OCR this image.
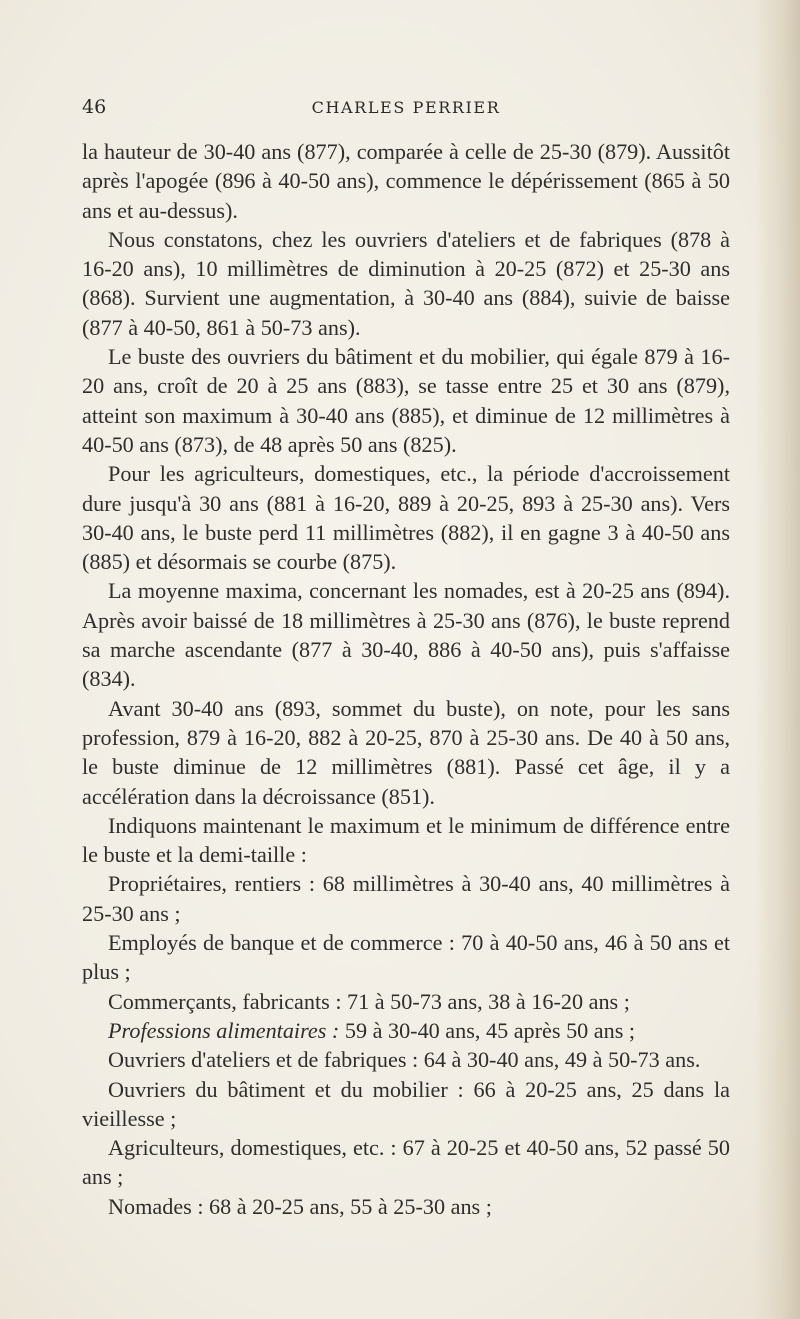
46	CHARLES PERRIER

la hauteur de 30-40 ans (877), comparée à celle de 25-30 (879). Aussitôt après l'apogée (896 à 40-50 ans), commence le dépérissement (865 à 50 ans et au-dessus).

Nous constatons, chez les ouvriers d'ateliers et de fabriques (878 à 16-20 ans), 10 millimètres de diminution à 20-25 (872) et 25-30 ans (868). Survient une augmentation, à 30-40 ans (884), suivie de baisse (877 à 40-50, 861 à 50-73 ans).

Le buste des ouvriers du bâtiment et du mobilier, qui égale 879 à 16-20 ans, croît de 20 à 25 ans (883), se tasse entre 25 et 30 ans (879), atteint son maximum à 30-40 ans (885), et diminue de 12 millimètres à 40-50 ans (873), de 48 après 50 ans (825).

Pour les agriculteurs, domestiques, etc., la période d'accroissement dure jusqu'à 30 ans (881 à 16-20, 889 à 20-25, 893 à 25-30 ans). Vers 30-40 ans, le buste perd 11 millimètres (882), il en gagne 3 à 40-50 ans (885) et désormais se courbe (875).

La moyenne maxima, concernant les nomades, est à 20-25 ans (894). Après avoir baissé de 18 millimètres à 25-30 ans (876), le buste reprend sa marche ascendante (877 à 30-40, 886 à 40-50 ans), puis s'affaisse (834).

Avant 30-40 ans (893, sommet du buste), on note, pour les sans profession, 879 à 16-20, 882 à 20-25, 870 à 25-30 ans. De 40 à 50 ans, le buste diminue de 12 millimètres (881). Passé cet âge, il y a accélération dans la décroissance (851).

Indiquons maintenant le maximum et le minimum de différence entre le buste et la demi-taille :

Propriétaires, rentiers : 68 millimètres à 30-40 ans, 40 millimètres à 25-30 ans ;

Employés de banque et de commerce : 70 à 40-50 ans, 46 à 50 ans et plus ;

Commerçants, fabricants : 71 à 50-73 ans, 38 à 16-20 ans ;

Professions alimentaires : 59 à 30-40 ans, 45 après 50 ans ;

Ouvriers d'ateliers et de fabriques : 64 à 30-40 ans, 49 à 50-73 ans.

Ouvriers du bâtiment et du mobilier : 66 à 20-25 ans, 25 dans la vieillesse ;

Agriculteurs, domestiques, etc. : 67 à 20-25 et 40-50 ans, 52 passé 50 ans ;

Nomades : 68 à 20-25 ans, 55 à 25-30 ans ;
